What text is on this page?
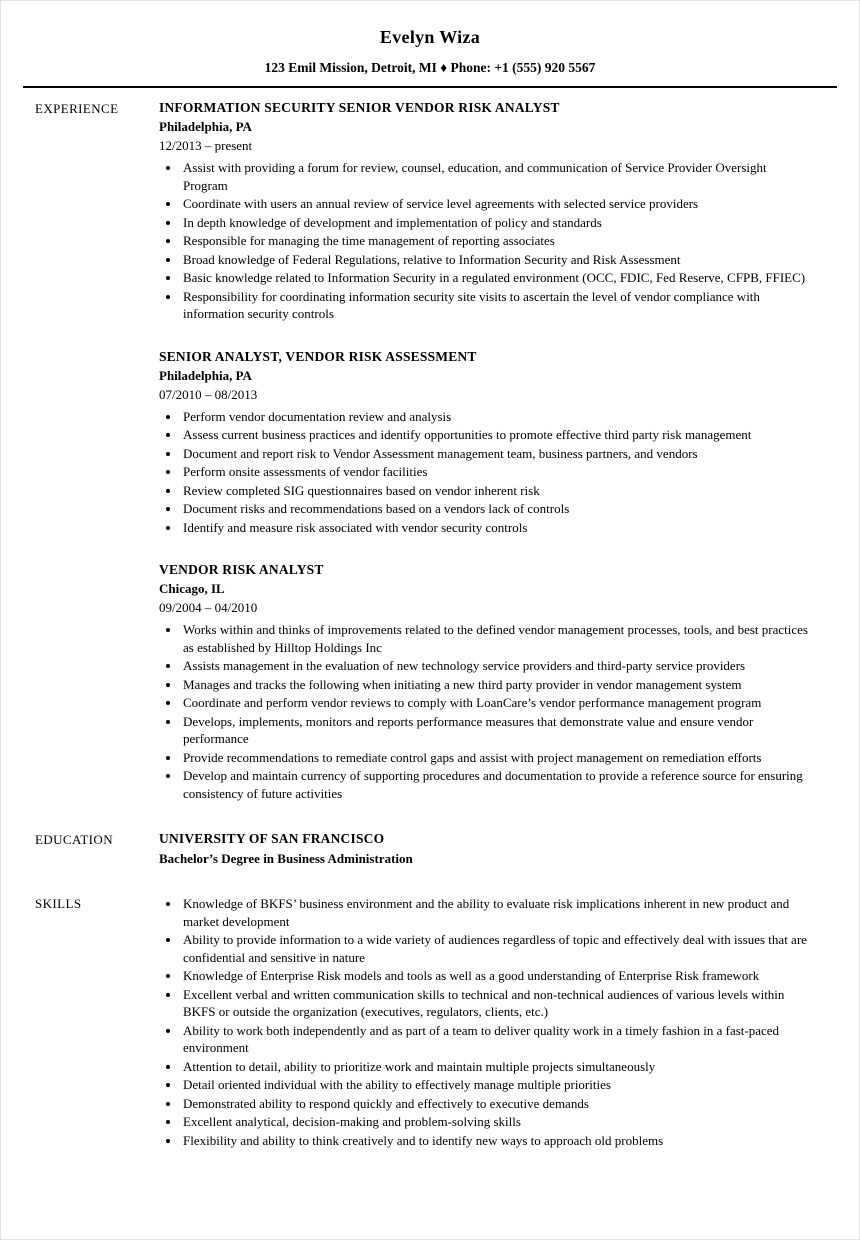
Evelyn Wiza
123 Emil Mission, Detroit, MI ♦ Phone: +1 (555) 920 5567
EXPERIENCE	INFORMATION SECURITY SENIOR VENDOR RISK ANALYST
Philadelphia, PA
12/2013 – present
• Assist with providing a forum for review, counsel, education, and communication of Service Provider Oversight Program
• Coordinate with users an annual review of service level agreements with selected service providers
• In depth knowledge of development and implementation of policy and standards
• Responsible for managing the time management of reporting associates
• Broad knowledge of Federal Regulations, relative to Information Security and Risk Assessment
• Basic knowledge related to Information Security in a regulated environment (OCC, FDIC, Fed Reserve, CFPB, FFIEC)
• Responsibility for coordinating information security site visits to ascertain the level of vendor compliance with information security controls
SENIOR ANALYST, VENDOR RISK ASSESSMENT
Philadelphia, PA
07/2010 – 08/2013
• Perform vendor documentation review and analysis
• Assess current business practices and identify opportunities to promote effective third party risk management
• Document and report risk to Vendor Assessment management team, business partners, and vendors
• Perform onsite assessments of vendor facilities
• Review completed SIG questionnaires based on vendor inherent risk
• Document risks and recommendations based on a vendors lack of controls
• Identify and measure risk associated with vendor security controls
VENDOR RISK ANALYST
Chicago, IL
09/2004 – 04/2010
• Works within and thinks of improvements related to the defined vendor management processes, tools, and best practices as established by Hilltop Holdings Inc
• Assists management in the evaluation of new technology service providers and third-party service providers
• Manages and tracks the following when initiating a new third party provider in vendor management system
• Coordinate and perform vendor reviews to comply with LoanCare’s vendor performance management program
• Develops, implements, monitors and reports performance measures that demonstrate value and ensure vendor performance
• Provide recommendations to remediate control gaps and assist with project management on remediation efforts
• Develop and maintain currency of supporting procedures and documentation to provide a reference source for ensuring consistency of future activities
EDUCATION	UNIVERSITY OF SAN FRANCISCO
Bachelor’s Degree in Business Administration
SKILLS	• Knowledge of BKFS’ business environment and the ability to evaluate risk implications inherent in new product and market development
• Ability to provide information to a wide variety of audiences regardless of topic and effectively deal with issues that are confidential and sensitive in nature
• Knowledge of Enterprise Risk models and tools as well as a good understanding of Enterprise Risk framework
• Excellent verbal and written communication skills to technical and non-technical audiences of various levels within BKFS or outside the organization (executives, regulators, clients, etc.)
• Ability to work both independently and as part of a team to deliver quality work in a timely fashion in a fast-paced environment
• Attention to detail, ability to prioritize work and maintain multiple projects simultaneously
• Detail oriented individual with the ability to effectively manage multiple priorities
• Demonstrated ability to respond quickly and effectively to executive demands
• Excellent analytical, decision-making and problem-solving skills
• Flexibility and ability to think creatively and to identify new ways to approach old problems
